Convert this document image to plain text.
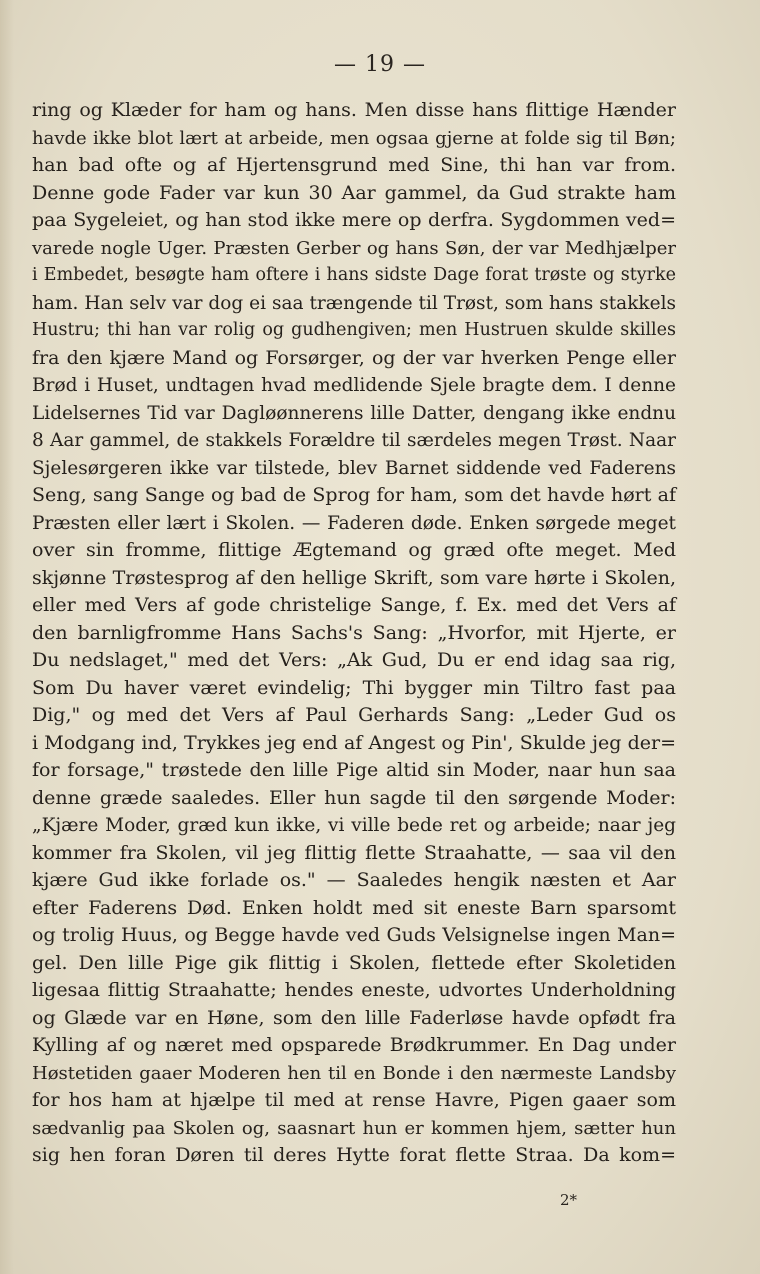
— 19 —
ring og Klæder for ham og hans. Men disse hans flittige Hænder
havde ikke blot lært at arbeide, men ogsaa gjerne at folde sig til Bøn;
han bad ofte og af Hjertensgrund med Sine, thi han var from.
Denne gode Fader var kun 30 Aar gammel, da Gud strakte ham
paa Sygeleiet, og han stod ikke mere op derfra. Sygdommen ved=
varede nogle Uger. Præsten Gerber og hans Søn, der var Medhjælper
i Embedet, besøgte ham oftere i hans sidste Dage forat trøste og styrke
ham. Han selv var dog ei saa trængende til Trøst, som hans stakkels
Hustru; thi han var rolig og gudhengiven; men Hustruen skulde skilles
fra den kjære Mand og Forsørger, og der var hverken Penge eller
Brød i Huset, undtagen hvad medlidende Sjele bragte dem. I denne
Lidelsernes Tid var Dagløønnerens lille Datter, dengang ikke endnu
8 Aar gammel, de stakkels Forældre til særdeles megen Trøst. Naar
Sjelesørgeren ikke var tilstede, blev Barnet siddende ved Faderens
Seng, sang Sange og bad de Sprog for ham, som det havde hørt af
Præsten eller lært i Skolen. — Faderen døde. Enken sørgede meget
over sin fromme, flittige Ægtemand og græd ofte meget. Med
skjønne Trøstesprog af den hellige Skrift, som vare hørte i Skolen,
eller med Vers af gode christelige Sange, f. Ex. med det Vers af
den barnligfromme Hans Sachs's Sang: „Hvorfor, mit Hjerte, er
Du nedslaget," med det Vers: „Ak Gud, Du er end idag saa rig,
Som Du haver været evindelig; Thi bygger min Tiltro fast paa
Dig," og med det Vers af Paul Gerhards Sang: „Leder Gud os
i Modgang ind, Trykkes jeg end af Angest og Pin', Skulde jeg der=
for forsage," trøstede den lille Pige altid sin Moder, naar hun saa
denne græde saaledes. Eller hun sagde til den sørgende Moder:
„Kjære Moder, græd kun ikke, vi ville bede ret og arbeide; naar jeg
kommer fra Skolen, vil jeg flittig flette Straahatte, — saa vil den
kjære Gud ikke forlade os." — Saaledes hengik næsten et Aar
efter Faderens Død. Enken holdt med sit eneste Barn sparsomt
og trolig Huus, og Begge havde ved Guds Velsignelse ingen Man=
gel. Den lille Pige gik flittig i Skolen, flettede efter Skoletiden
ligesaa flittig Straahatte; hendes eneste, udvortes Underholdning
og Glæde var en Høne, som den lille Faderløse havde opfødt fra
Kylling af og næret med opsparede Brødkrummer. En Dag under
Høstetiden gaaer Moderen hen til en Bonde i den nærmeste Landsby
for hos ham at hjælpe til med at rense Havre, Pigen gaaer som
sædvanlig paa Skolen og, saasnart hun er kommen hjem, sætter hun
sig hen foran Døren til deres Hytte forat flette Straa. Da kom=
2*
